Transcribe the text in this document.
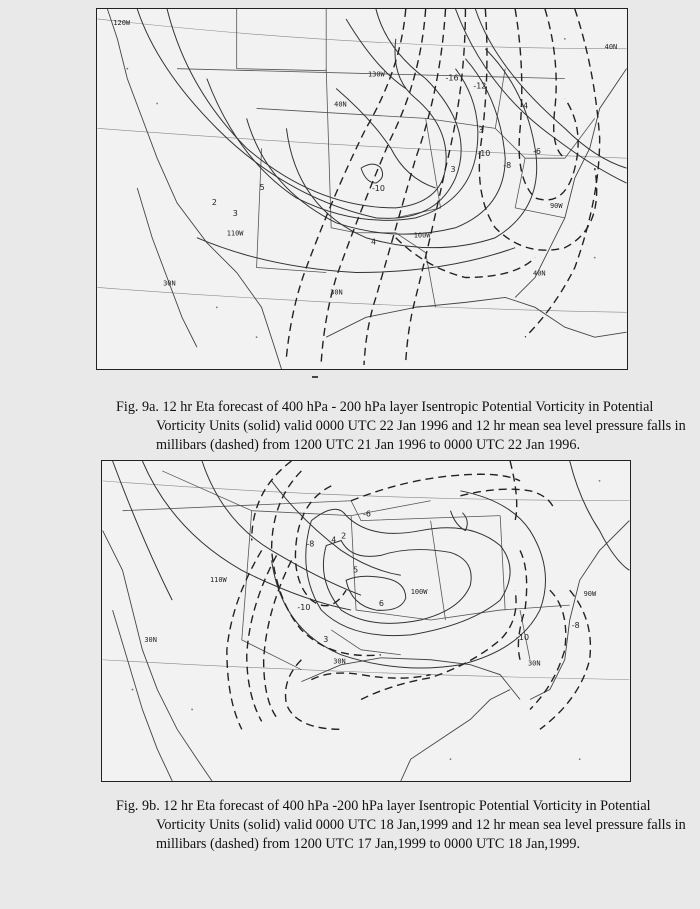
120W
110W	100W
90W
40N
40N
30N
30N
40N
130W
2
3
3
4
5
3
-16
-12
-4
-10
-8
-6
-10
Fig. 9a. 12 hr Eta forecast of 400 hPa - 200 hPa layer Isentropic Potential Vorticity in Potential
Vorticity Units (solid) valid 0000 UTC 22 Jan 1996 and 12 hr mean sea level pressure falls in millibars (dashed) from 1200 UTC 21 Jan 1996 to 0000 UTC 22 Jan 1996.
110W
100W	90W
30N
30N	30N
-6
-8 4
5
6
-10
3	-10
-8
2
Fig. 9b. 12 hr Eta forecast of 400 hPa -200 hPa layer Isentropic Potential Vorticity in Potential
Vorticity Units (solid) valid 0000 UTC 18 Jan,1999 and 12 hr mean sea level pressure falls in millibars (dashed) from 1200 UTC 17 Jan,1999 to 0000 UTC 18 Jan,1999.
